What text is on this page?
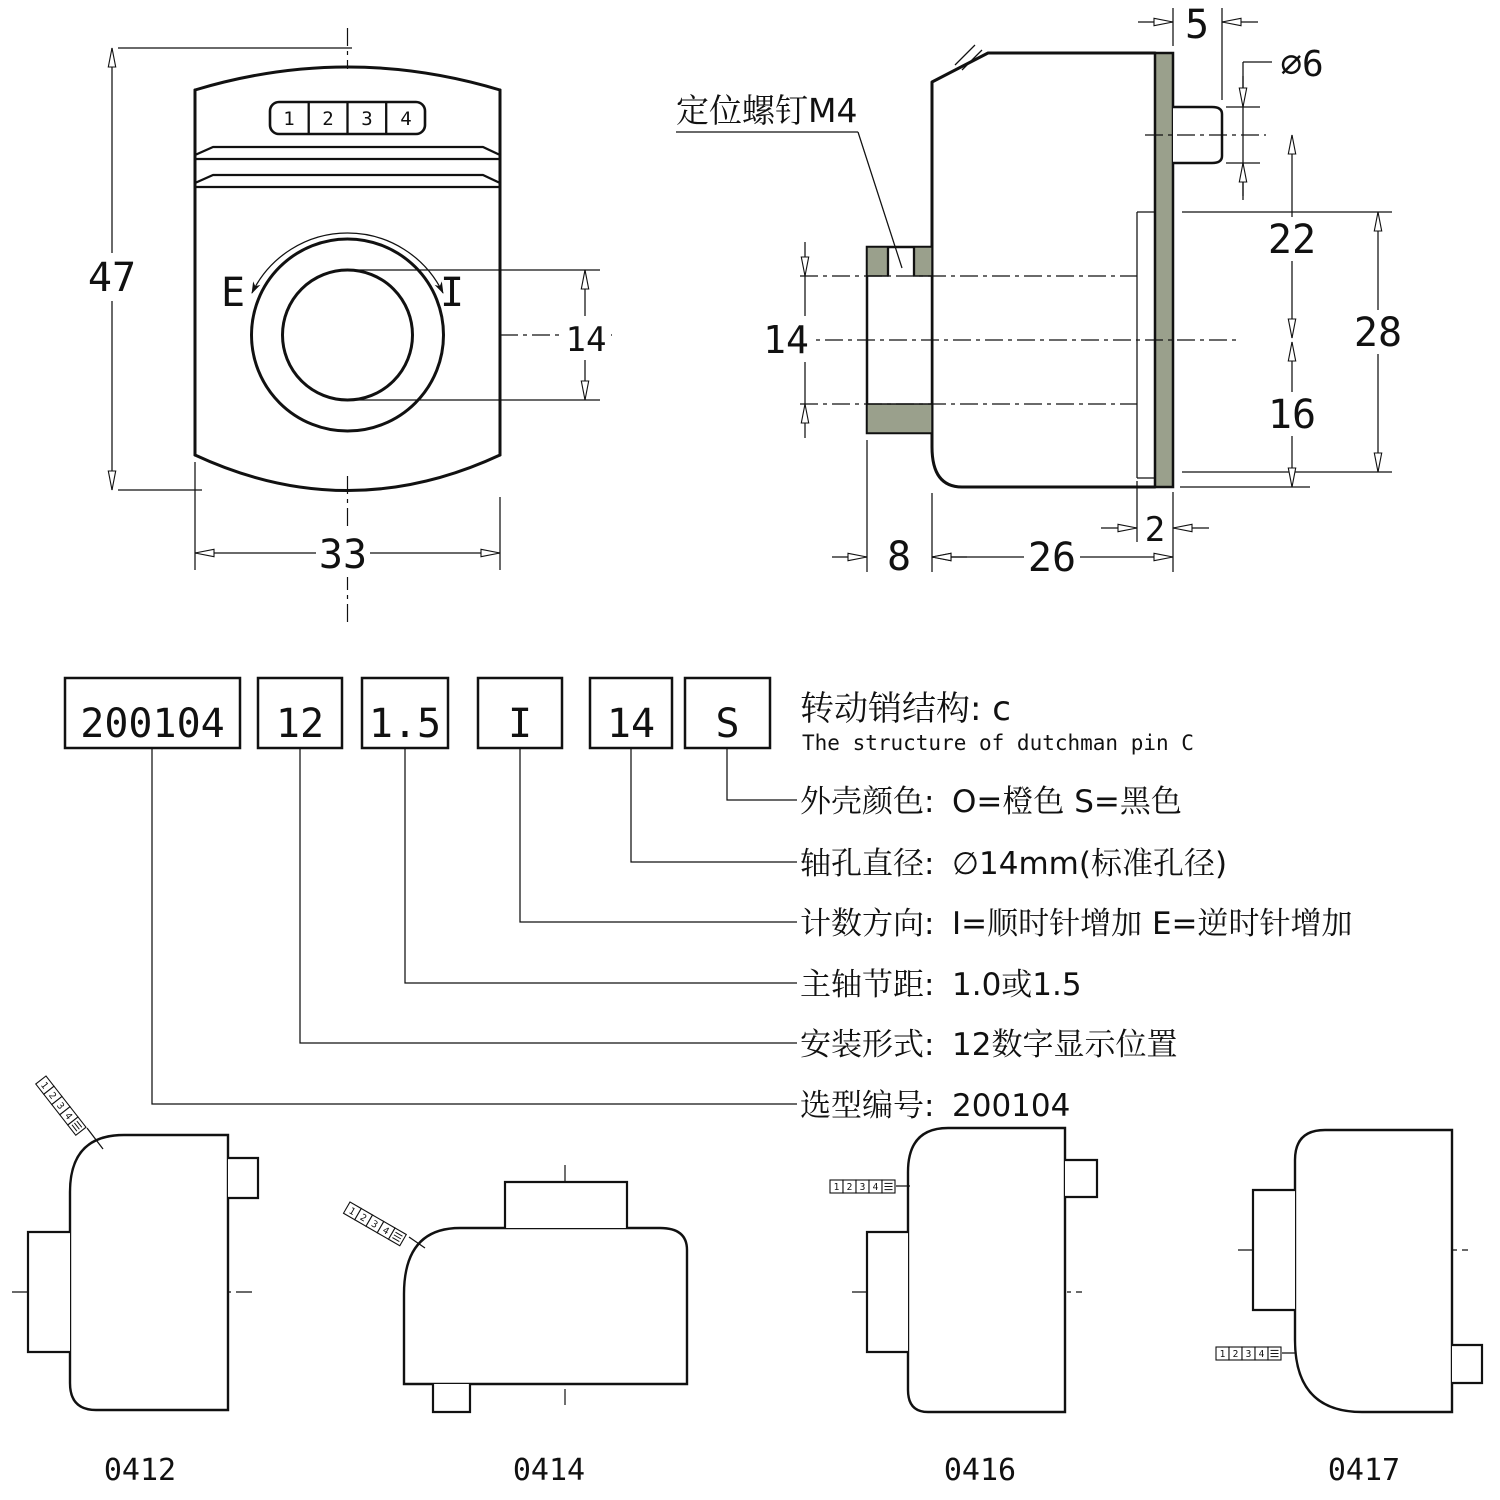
1 2 3 4
1 2 3 4
E	I
47
33
14
定位螺钉M4
5
∅6
22
16
28
14
8	26
2
200104 12 1.5 I 14 S 转动销结构: c
The structure of dutchman pin C
外壳颜色: O=橙色 S=黑色
轴孔直径: ∅14mm(标准孔径)
计数方向: I=顺时针增加 E=逆时针增加
主轴节距: 1.0或1.5
安装形式: 12数字显示位置
选型编号: 200104
0412	0414	0416	0417
